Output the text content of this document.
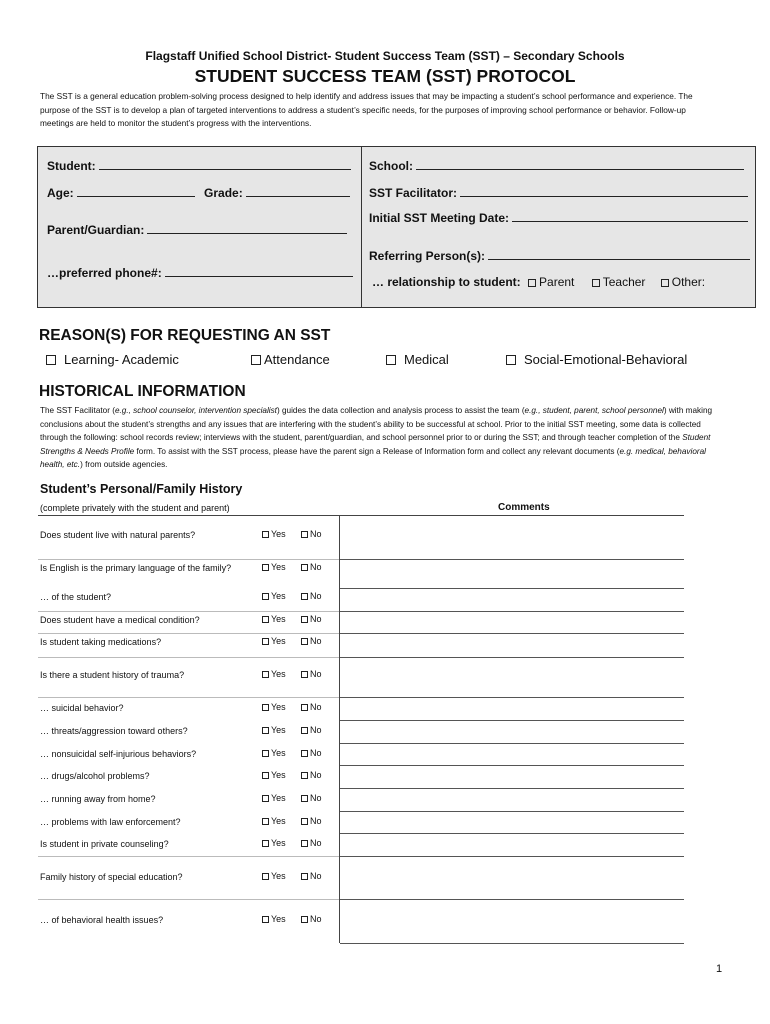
Flagstaff Unified School District- Student Success Team (SST) – Secondary Schools
STUDENT SUCCESS TEAM (SST) PROTOCOL
The SST is a general education problem-solving process designed to help identify and address issues that may be impacting a student’s school performance and experience. The purpose of the SST is to develop a plan of targeted interventions to address a student’s specific needs, for the purposes of improving school performance or behavior. Follow-up meetings are held to monitor the student’s progress with the interventions.
Student:
Age:	Grade:
Parent/Guardian:
…preferred phone#:
School:
SST Facilitator:
Initial SST Meeting Date:
Referring Person(s):
… relationship to student: Parent Teacher Other:
REASON(S) FOR REQUESTING AN SST
Learning- Academic	Attendance	Medical	Social-Emotional-Behavioral
HISTORICAL INFORMATION
The SST Facilitator (e.g., school counselor, intervention specialist) guides the data collection and analysis process to assist the team (e.g., student, parent, school personnel) with making conclusions about the student’s strengths and any issues that are interfering with the student’s ability to be successful at school. Prior to the initial SST meeting, some data is collected through the following: school records review; interviews with the student, parent/guardian, and school personnel prior to or during the SST; and through teacher completion of the Student Strengths & Needs Profile form. To assist with the SST process, please have the parent sign a Release of Information form and collect any relevant documents (e.g. medical, behavioral health, etc.) from outside agencies.
Student’s Personal/Family History
(complete privately with the student and parent)	Comments
Does student live with natural parents?	Yes	No
Is English is the primary language of the family?	Yes	No
… of the student?	Yes	No
Does student have a medical condition?	Yes	No
Is student taking medications?	Yes	No
Is there a student history of trauma?	Yes	No
… suicidal behavior?	Yes	No
… threats/aggression toward others?	Yes	No
… nonsuicidal self-injurious behaviors?	Yes	No
… drugs/alcohol problems?	Yes	No
… running away from home?	Yes	No
… problems with law enforcement?	Yes	No
Is student in private counseling?	Yes	No
Family history of special education?	Yes	No
… of behavioral health issues?	Yes	No
1
